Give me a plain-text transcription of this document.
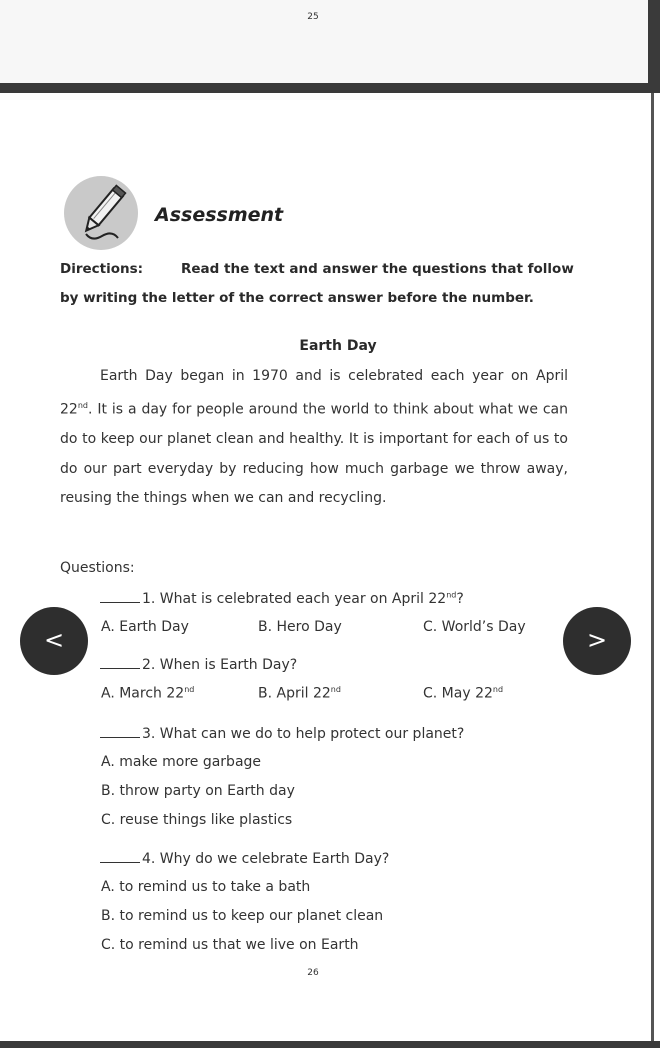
25
Assessment
Directions:	Read the text and answer the questions that follow
by writing the letter of the correct answer before the number.
Earth Day

Earth Day began in 1970 and is celebrated each year on April 22nd. It is a day for people around the world to think about what we can do to keep our planet clean and healthy. It is important for each of us to do our part everyday by reducing how much garbage we throw away, reusing the things when we can and recycling.

Questions:
1. What is celebrated each year on April 22nd?
A. Earth Day	B. Hero Day	C. World’s Day
2. When is Earth Day?
A. March 22nd	B. April 22nd	C. May 22nd
3. What can we do to help protect our planet?
A. make more garbage
B. throw party on Earth day
C. reuse things like plastics
4. Why do we celebrate Earth Day?
A. to remind us to take a bath
B. to remind us to keep our planet clean
C. to remind us that we live on Earth
26
<	>
